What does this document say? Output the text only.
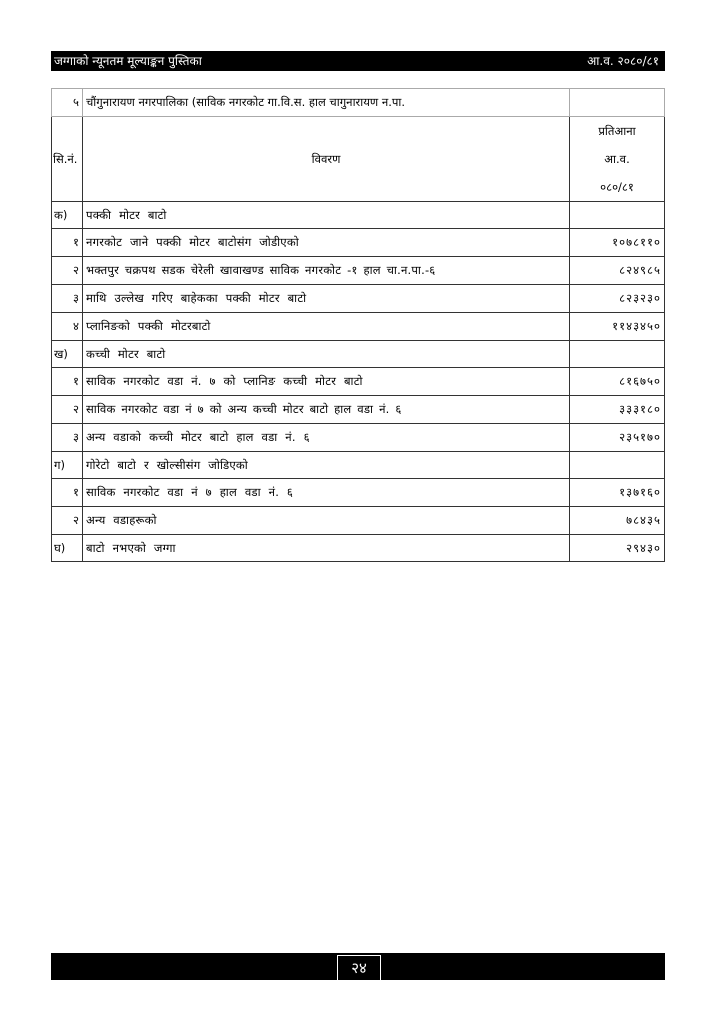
जग्गाको न्यूनतम मूल्याङ्कन पुस्तिका	आ.व. २०८०/८१
५	चौंगुनारायण नगरपालिका (साविक नगरकोट गा.वि.स. हाल चागुनारायण न.पा.	
सि.नं.	विवरण	प्रतिआना
आ.व.
०८०/८१

क)	पक्की मोटर बाटो	
१	नगरकोट जाने पक्की मोटर बाटोसंग जोडीएको	१०७८११०
२	भक्तपुर चक्रपथ सडक चेरेली खावाखण्ड साविक नगरकोट -१ हाल चा.न.पा.-६	८२४९८५
३	माथि उल्लेख गरिए बाहेकका पक्की मोटर बाटो	८२३२३०
४	प्लानिङको पक्की मोटरबाटो	११४३४५०
ख)	कच्ची मोटर बाटो	
१	साविक नगरकोट वडा नं. ७ को प्लानिङ कच्ची मोटर बाटो	८१६७५०
२	साविक नगरकोट वडा नं ७ को अन्य कच्ची मोटर बाटो हाल वडा नं. ६	३३३१८०
३	अन्य वडाको कच्ची मोटर बाटो हाल वडा नं. ६	२३५१७०
ग)	गोरेटो बाटो र खोल्सीसंग जोडिएको	
१	साविक नगरकोट वडा नं ७ हाल वडा नं. ६	१३७१६०
२	अन्य वडाहरूको	७८४३५
घ)	बाटो नभएको जग्गा	२९४३०
२४
